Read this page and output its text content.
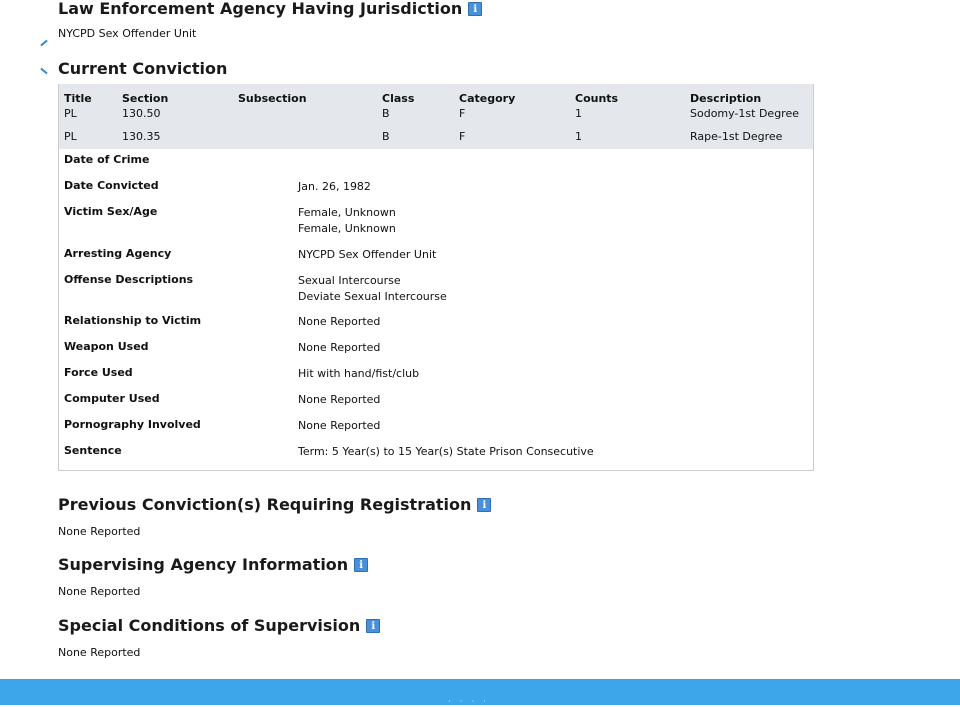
Law Enforcement Agency Having Jurisdiction	i

NYCPD Sex Offender Unit

Current Conviction
Title	Section	Subsection	Class	Category	Counts	Description
PL	130.50		B	F	1	Sodomy-1st Degree
PL	130.35		B	F	1	Rape-1st Degree
Date of Crime
Date Convicted	Jan. 26, 1982
Victim Sex/Age	Female, Unknown
Female, Unknown
Arresting Agency	NYCPD Sex Offender Unit
Offense Descriptions	Sexual Intercourse
Deviate Sexual Intercourse
Relationship to Victim	None Reported
Weapon Used	None Reported
Force Used	Hit with hand/fist/club
Computer Used	None Reported
Pornography Involved	None Reported
Sentence	Term: 5 Year(s) to 15 Year(s) State Prison Consecutive
Previous Conviction(s) Requiring Registration	i

None Reported

Supervising Agency Information	i

None Reported

Special Conditions of Supervision	i

None Reported

· · · ·
